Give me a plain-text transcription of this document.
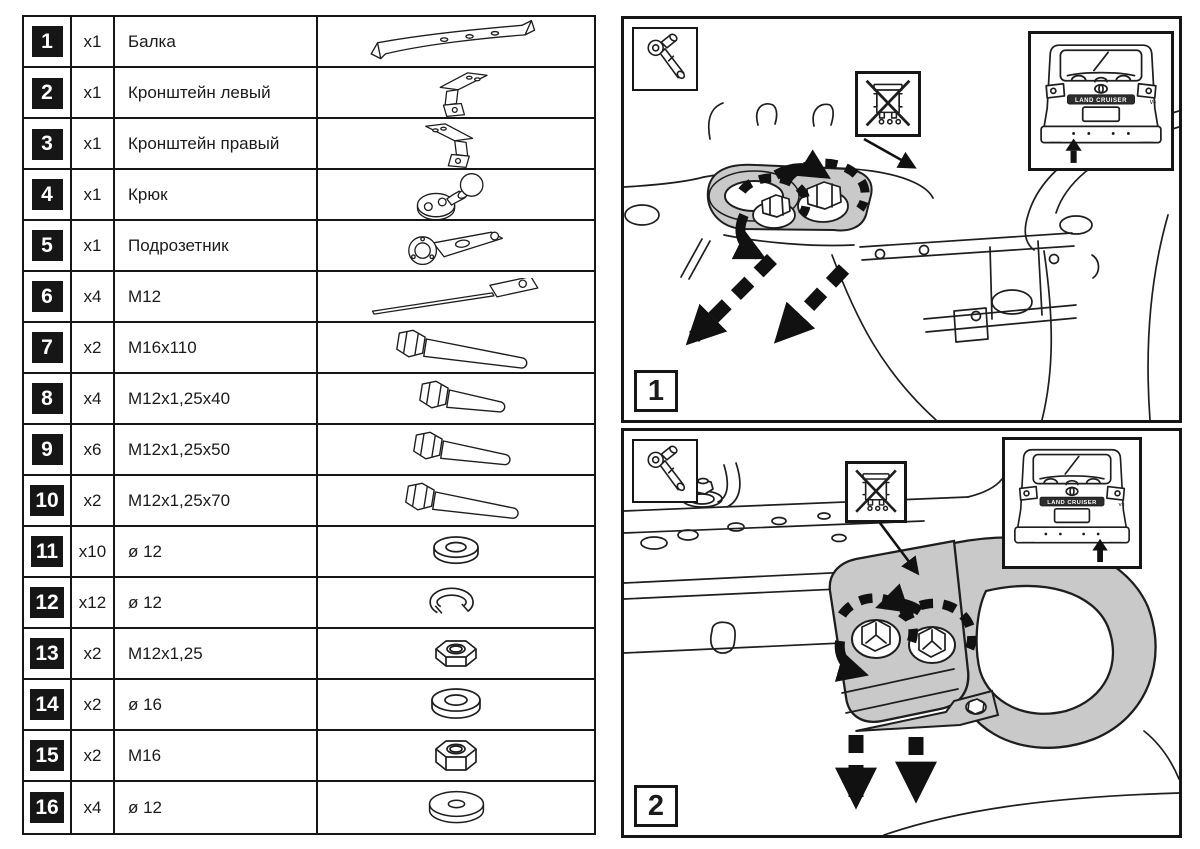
1	x1	Балка
2	x1	Кронштейн левый
3	x1	Кронштейн правый
4	x1	Крюк
5	x1	Подрозетник
6	x4	M12
7	x2	M16x110
8	x4	M12x1,25x40
9	x6	M12x1,25x50
10	x2	M12x1,25x70
11	x10	ø 12
12	x12	ø 12
13	x2	M12x1,25
14	x2	ø 16
15	x2	M16
16	x4	ø 12
LAND CRUISER	V8
1
LAND CRUISER	V8
2
